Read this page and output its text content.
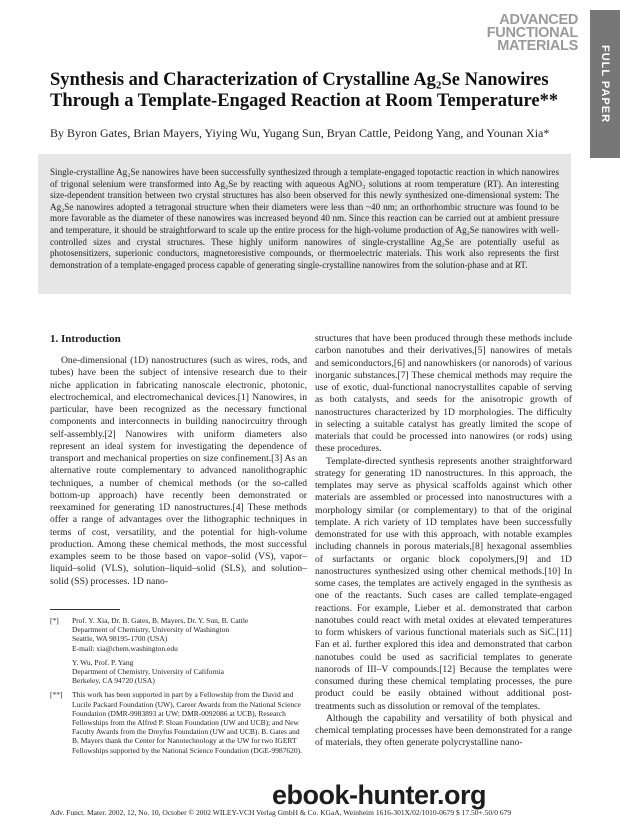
ADVANCED
FUNCTIONAL
MATERIALS FULL PAPER
Synthesis and Characterization of Crystalline Ag₂Se Nanowires Through a Template-Engaged Reaction at Room Temperature**

By Byron Gates, Brian Mayers, Yiying Wu, Yugang Sun, Bryan Cattle, Peidong Yang, and Younan Xia*

Single-crystalline Ag₂Se nanowires have been successfully synthesized through a template-engaged topotactic reaction in which nanowires of trigonal selenium were transformed into Ag₂Se by reacting with aqueous AgNO₃ solutions at room temperature (RT). An interesting size-dependent transition between two crystal structures has also been observed for this newly synthesized one-dimensional system: The Ag₂Se nanowires adopted a tetragonal structure when their diameters were less than ~40 nm; an orthorhombic structure was found to be more favorable as the diameter of these nanowires was increased beyond 40 nm. Since this reaction can be carried out at ambient pressure and temperature, it should be straightforward to scale up the entire process for the high-volume production of Ag₂Se nanowires with well-controlled sizes and crystal structures. These highly uniform nanowires of single-crystalline Ag₂Se are potentially useful as photosensitizers, superionic conductors, magnetoresistive compounds, or thermoelectric materials. This work also represents the first demonstration of a template-engaged process capable of generating single-crystalline nanowires from the solution-phase and at RT.

1. Introduction

One-dimensional (1D) nanostructures (such as wires, rods, and tubes) have been the subject of intensive research due to their niche application in fabricating nanoscale electronic, photonic, electrochemical, and electromechanical devices.[1] Nanowires, in particular, have been recognized as the necessary functional components and interconnects in building nanocircuitry through self-assembly.[2] Nanowires with uniform diameters also represent an ideal system for investigating the dependence of transport and mechanical properties on size confinement.[3] As an alternative route complementary to advanced nanolithographic techniques, a number of chemical methods (or the so-called bottom-up approach) have recently been demonstrated or reexamined for generating 1D nanostructures.[4] These methods offer a range of advantages over the lithographic techniques in terms of cost, versatility, and the potential for high-volume production. Among these chemical methods, the most successful examples seem to be those based on vapor–solid (VS), vapor–liquid–solid (VLS), solution–liquid–solid (SLS), and solution–solid (SS) processes. 1D nano-

structures that have been produced through these methods include carbon nanotubes and their derivatives,[5] nanowires of metals and semiconductors,[6] and nanowhiskers (or nanorods) of various inorganic substances.[7] These chemical methods may require the use of exotic, dual-functional nanocrystallites capable of serving as both catalysts, and seeds for the anisotropic growth of nanostructures characterized by 1D morphologies. The difficulty in selecting a suitable catalyst has greatly limited the scope of materials that could be processed into nanowires (or rods) using these procedures.

Template-directed synthesis represents another straightforward strategy for generating 1D nanostructures. In this approach, the templates may serve as physical scaffolds against which other materials are assembled or processed into nanostructures with a morphology similar (or complementary) to that of the original template. A rich variety of 1D templates have been successfully demonstrated for use with this approach, with notable examples including channels in porous materials,[8] hexagonal assemblies of surfactants or organic block copolymers,[9] and 1D nanostructures synthesized using other chemical methods.[10] In some cases, the templates are actively engaged in the synthesis as one of the reactants. Such cases are called template-engaged reactions. For example, Lieber et al. demonstrated that carbon nanotubes could react with metal oxides at elevated temperatures to form whiskers of various functional materials such as SiC.[11] Fan et al. further explored this idea and demonstrated that carbon nanotubes could be used as sacrificial templates to generate nanorods of III–V compounds.[12] Because the templates were consumed during these chemical templating processes, the pure product could be easily obtained without additional post-treatments such as dissolution or removal of the templates.

Although the capability and versatility of both physical and chemical templating processes have been demonstrated for a range of materials, they often generate polycrystalline nano-

[*]	Prof. Y. Xia, Dr. B. Gates, B. Mayers, Dr. Y. Sun, B. Cattle
Department of Chemistry, University of Washington
Seattle, WA 98195-1700 (USA)
E-mail: xia@chem.washington.edu
Y. Wu, Prof. P. Yang
Department of Chemistry, University of California
Berkeley, CA 94720 (USA)
[**]	This work has been supported in part by a Fellowship from the David and Lucile Packard Foundation (UW), Career Awards from the National Science Foundation (DMR-9983893 at UW; DMR-0092086 at UCB), Research Fellowships from the Alfred P. Sloan Foundation (UW and UCB); and New Faculty Awards from the Dreyfus Foundation (UW and UCB). B. Gates and B. Mayers thank the Center for Nanotechnology at the UW for two IGERT Fellowships supported by the National Science Foundation (DGE-9987620).
Adv. Funct. Mater. 2002, 12, No. 10, October © 2002 WILEY-VCH Verlag GmbH & Co. KGaA, Weinheim 1616-301X/02/1010-0679 $ 17.50+.50/0 679
ebook-hunter.org
